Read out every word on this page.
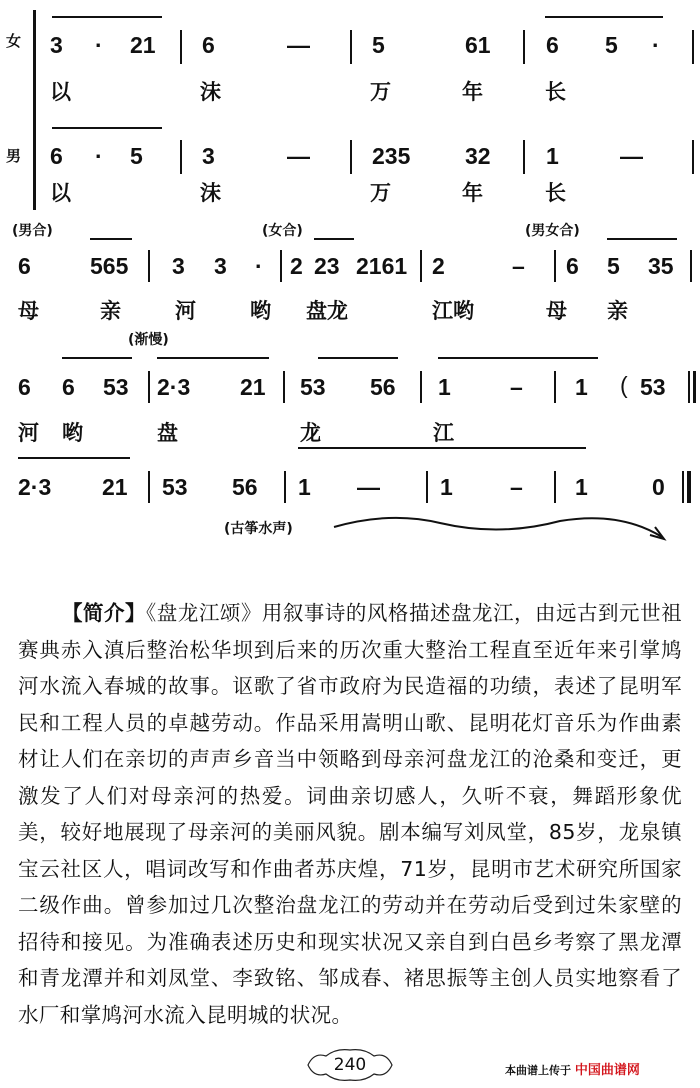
女
男
3 · 21 6	—	5	61 6 5 ·
以	沫	万	年	长
6 · 5	3	—	235 32 1	—
以	沫	万	年	长
(男合)	(女合)	(男女合)
6	565 3 3 · 2 23 2161 2	– 6 5 35
母	亲	河	哟 盘龙	江哟	母 亲
(渐慢)
6 6 53 2·3 21 53 56 1	– 1 ( 53
河 哟	盘	龙	江
2·3 21 53 56 1 —	1 – 1	0
(古筝水声)
【简介】《盘龙江颂》用叙事诗的风格描述盘龙江，由远古到元世祖赛典赤入滇后整治松华坝到后来的历次重大整治工程直至近年来引掌鸠河水流入春城的故事。讴歌了省市政府为民造福的功绩，表述了昆明军民和工程人员的卓越劳动。作品采用嵩明山歌、昆明花灯音乐为作曲素材让人们在亲切的声声乡音当中领略到母亲河盘龙江的沧桑和变迁，更激发了人们对母亲河的热爱。词曲亲切感人，久听不衰，舞蹈形象优美，较好地展现了母亲河的美丽风貌。剧本编写刘凤堂，85岁，龙泉镇宝云社区人，唱词改写和作曲者苏庆煌，71岁，昆明市艺术研究所国家二级作曲。曾参加过几次整治盘龙江的劳动并在劳动后受到过朱家壁的招待和接见。为准确表述历史和现实状况又亲自到白邑乡考察了黑龙潭和青龙潭并和刘凤堂、李致铭、邹成春、褚思振等主创人员实地察看了水厂和掌鸠河水流入昆明城的状况。
240	本曲谱上传于 中国曲谱网
